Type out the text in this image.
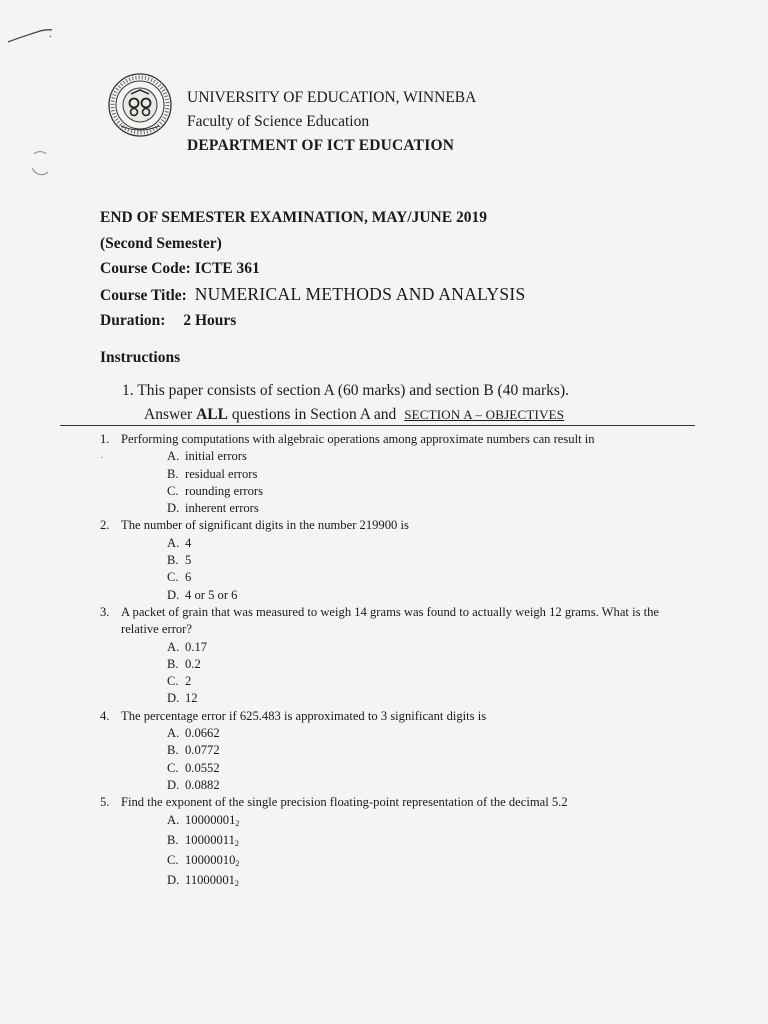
UNIVERSITY OF EDUCATION, WINNEBA
Faculty of Science Education
DEPARTMENT OF ICT EDUCATION
END OF SEMESTER EXAMINATION, MAY/JUNE 2019
(Second Semester)
Course Code: ICTE 361
Course Title: NUMERICAL METHODS AND ANALYSIS
Duration: 2 Hours
Instructions
1. This paper consists of section A (60 marks) and section B (40 marks).
Answer ALL questions in Section A and SECTION A – OBJECTIVES
1. Performing computations with algebraic operations among approximate numbers can result in
A. initial errors
B. residual errors
C. rounding errors
D. inherent errors
2. The number of significant digits in the number 219900 is
A. 4
B. 5
C. 6
D. 4 or 5 or 6
3. A packet of grain that was measured to weigh 14 grams was found to actually weigh 12 grams. What is the relative error?
A. 0.17
B. 0.2
C. 2
D. 12
4. The percentage error if 625.483 is approximated to 3 significant digits is
A. 0.0662
B. 0.0772
C. 0.0552
D. 0.0882
5. Find the exponent of the single precision floating-point representation of the decimal 5.2
A. $10000001_2$
B. $10000011_2$
C. $10000010_2$
D. $11000001_2$
·
